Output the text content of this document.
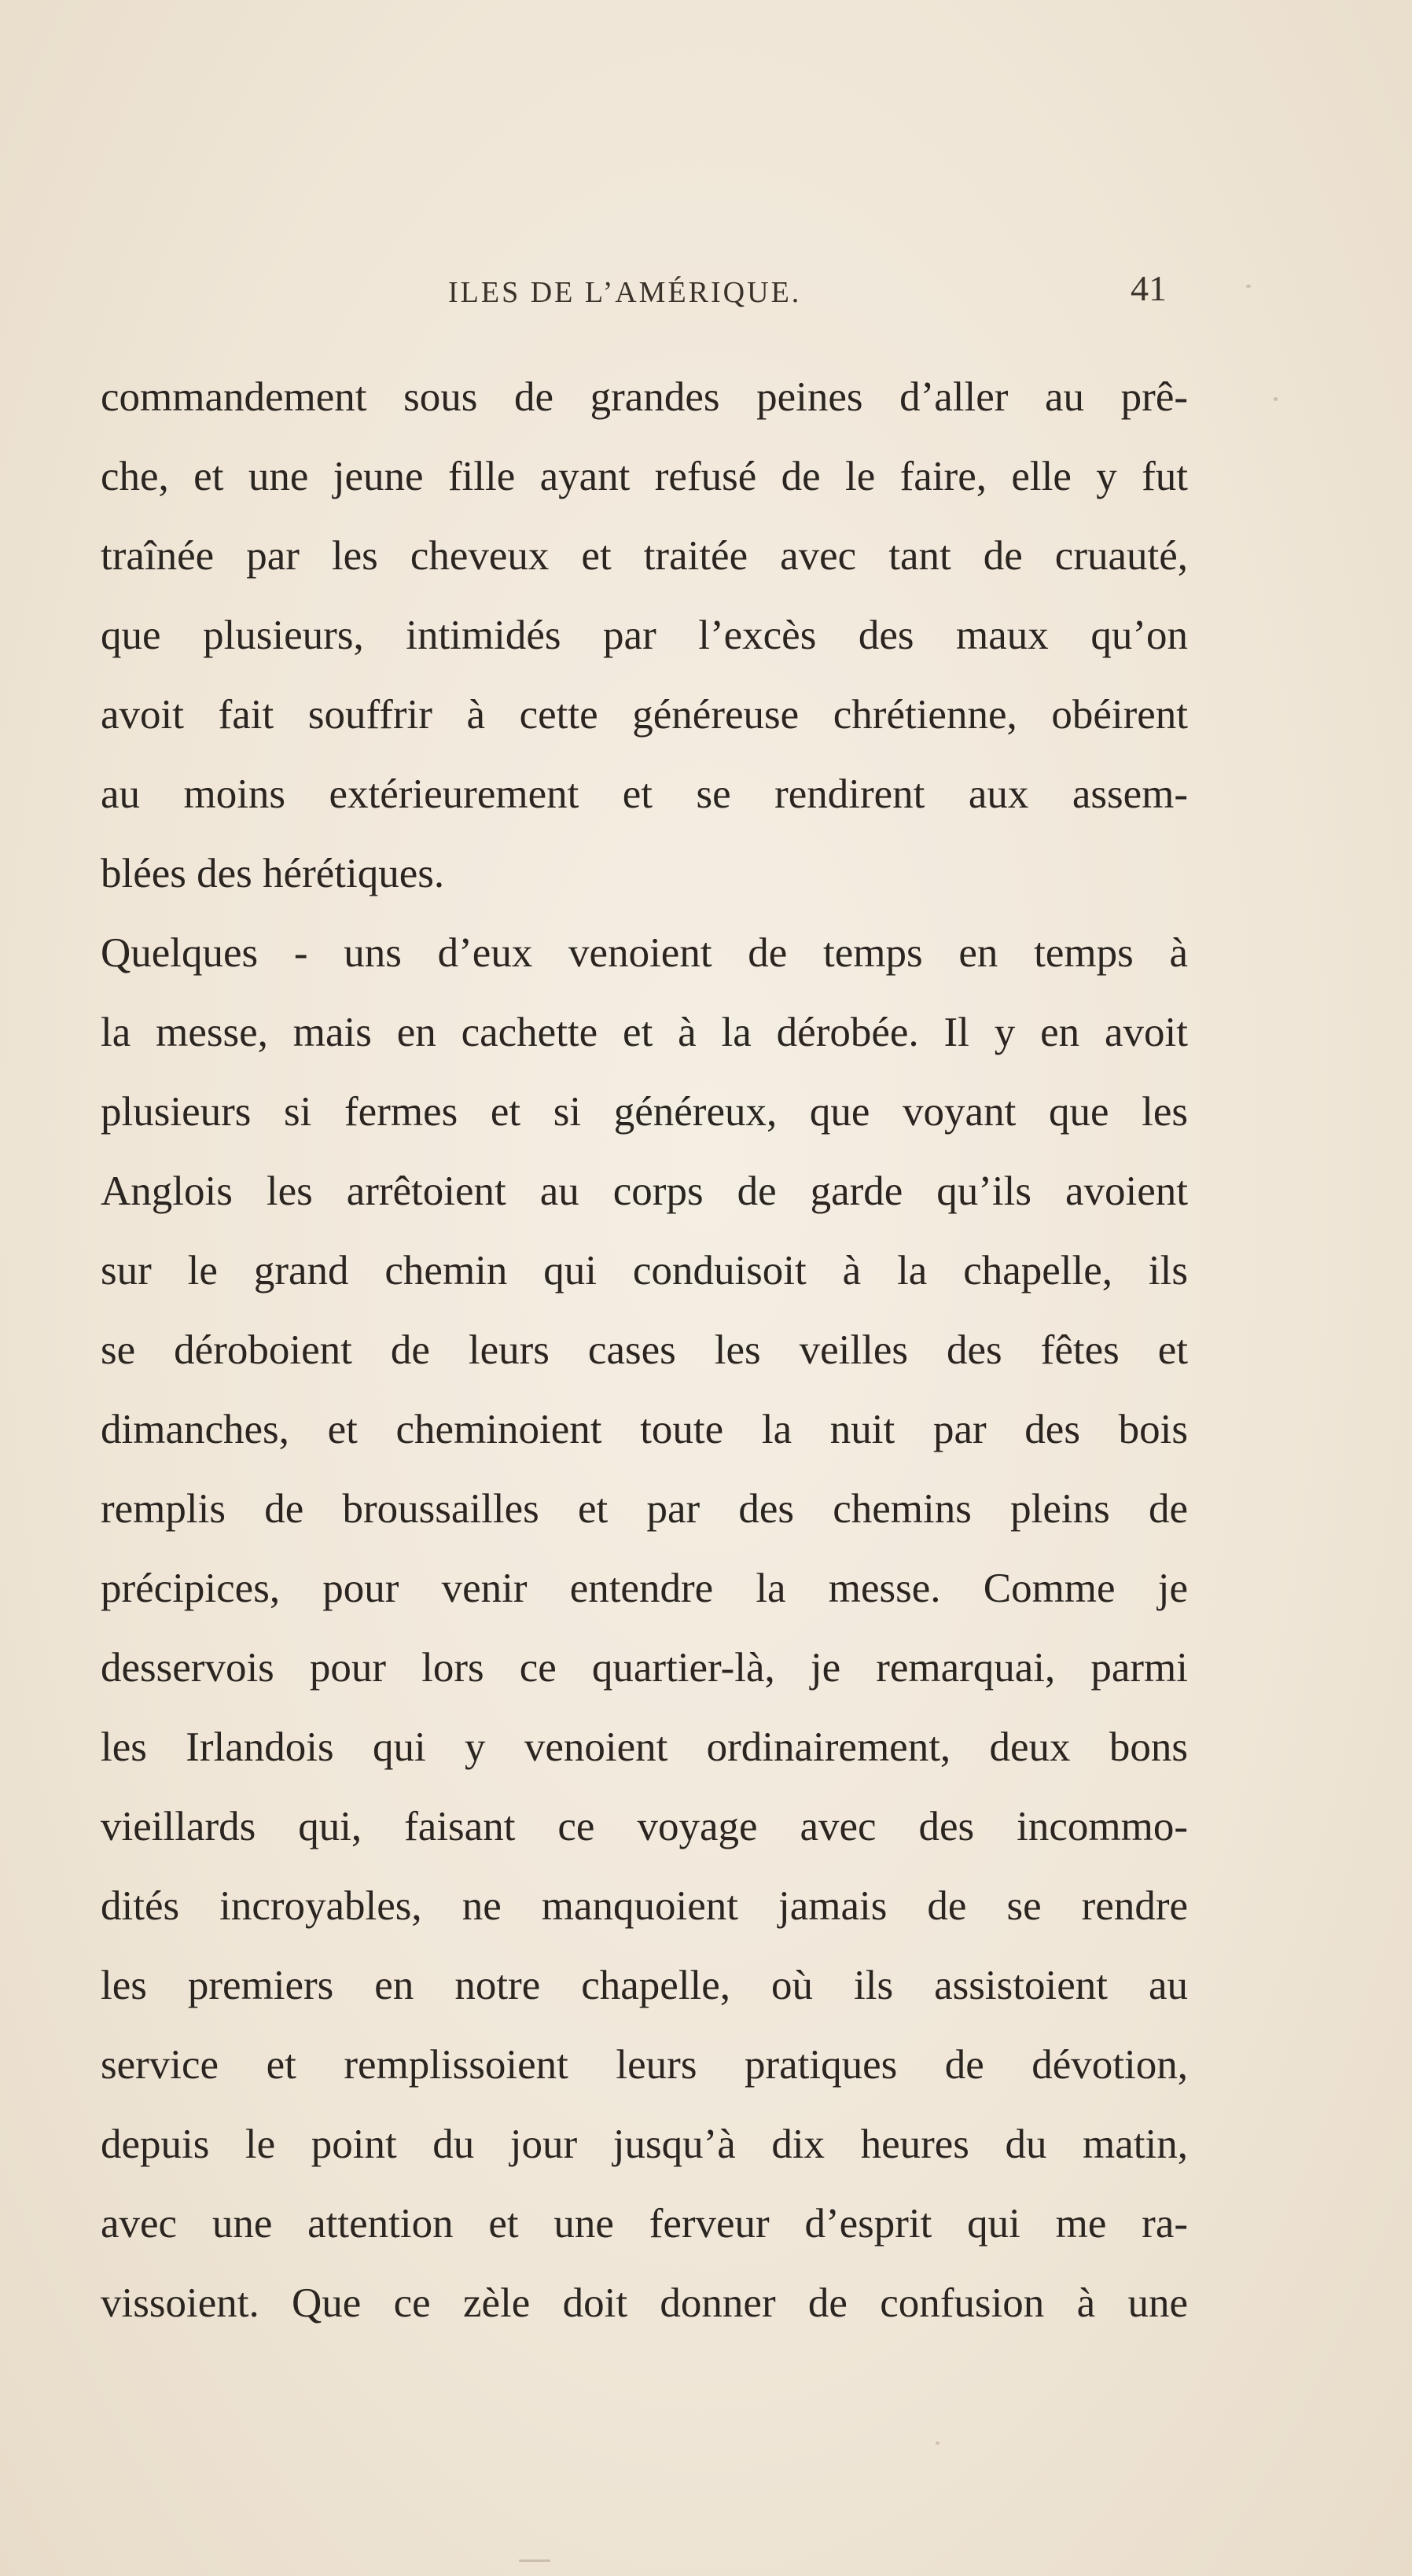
ILES DE L’AMÉRIQUE.	41
commandement sous de grandes peines d’aller au prê-
che, et une jeune fille ayant refusé de le faire, elle y fut
traînée par les cheveux et traitée avec tant de cruauté,
que plusieurs, intimidés par l’excès des maux qu’on
avoit fait souffrir à cette généreuse chrétienne, obéirent
au moins extérieurement et se rendirent aux assem-
blées des hérétiques.
Quelques - uns d’eux venoient de temps en temps à
la messe, mais en cachette et à la dérobée. Il y en avoit
plusieurs si fermes et si généreux, que voyant que les
Anglois les arrêtoient au corps de garde qu’ils avoient
sur le grand chemin qui conduisoit à la chapelle, ils
se déroboient de leurs cases les veilles des fêtes et
dimanches, et cheminoient toute la nuit par des bois
remplis de broussailles et par des chemins pleins de
précipices, pour venir entendre la messe. Comme je
desservois pour lors ce quartier-là, je remarquai, parmi
les Irlandois qui y venoient ordinairement, deux bons
vieillards qui, faisant ce voyage avec des incommo-
dités incroyables, ne manquoient jamais de se rendre
les premiers en notre chapelle, où ils assistoient au
service et remplissoient leurs pratiques de dévotion,
depuis le point du jour jusqu’à dix heures du matin,
avec une attention et une ferveur d’esprit qui me ra-
vissoient. Que ce zèle doit donner de confusion à une
